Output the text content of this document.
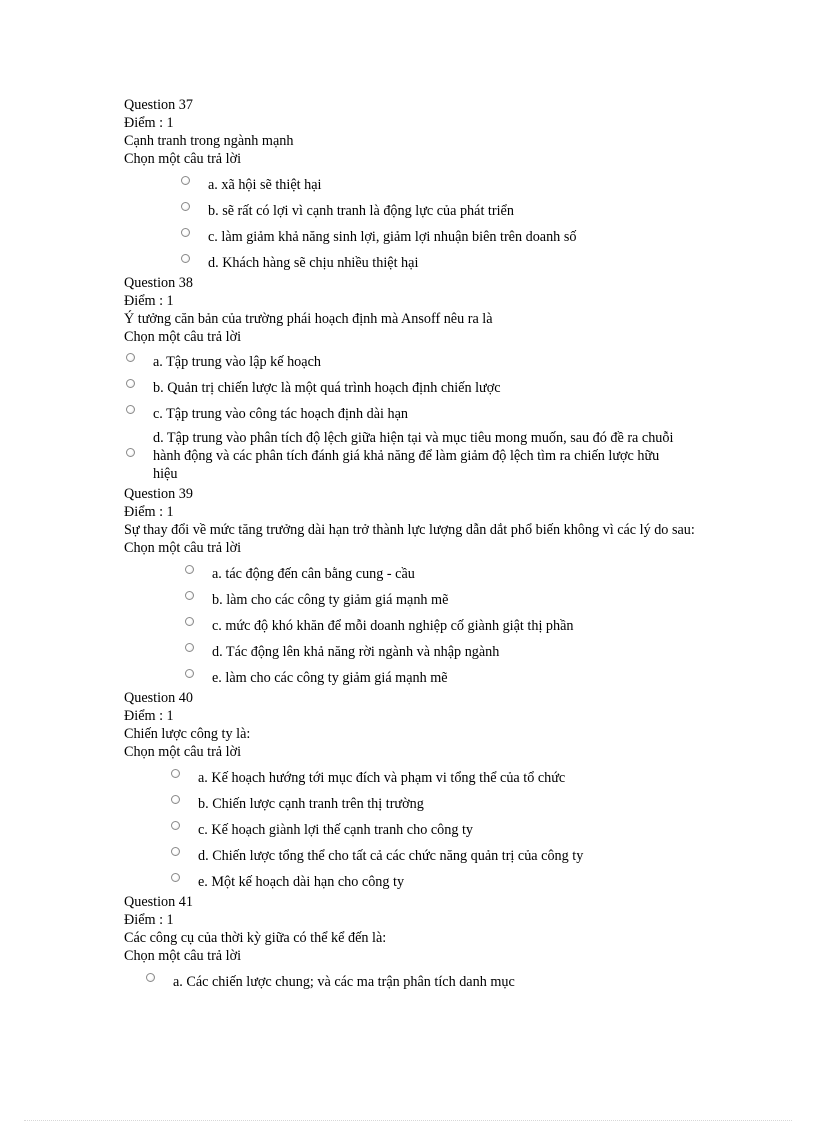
Question 37
Điểm : 1
Cạnh tranh trong ngành mạnh
Chọn một câu trả lời
a. xã hội sẽ thiệt hại
b. sẽ rất có lợi vì cạnh tranh là động lực của phát triển
c. làm giảm khả năng sinh lợi, giảm lợi nhuận biên trên doanh số
d. Khách hàng sẽ chịu nhiều thiệt hại
Question 38
Điểm : 1
Ý tưởng căn bản của trường phái hoạch định mà Ansoff nêu ra là
Chọn một câu trả lời
a. Tập trung vào lập kế hoạch
b. Quản trị chiến lược là một quá trình hoạch định chiến lược
c. Tập trung vào công tác hoạch định dài hạn
d. Tập trung vào phân tích độ lệch giữa hiện tại và mục tiêu mong muốn, sau đó đề ra chuỗi hành động và các phân tích đánh giá khả năng để làm giảm độ lệch tìm ra chiến lược hữu hiệu
Question 39
Điểm : 1
Sự thay đổi về mức tăng trưởng dài hạn trở thành lực lượng dẫn dắt phổ biến không vì các lý do sau:
Chọn một câu trả lời
a. tác động đến cân bằng cung - cầu
b. làm cho các công ty giảm giá mạnh mẽ
c. mức độ khó khăn để mỗi doanh nghiệp cố giành giật thị phần
d. Tác động lên khả năng rời ngành và nhập ngành
e. làm cho các công ty giảm giá mạnh mẽ
Question 40
Điểm : 1
Chiến lược công ty là:
Chọn một câu trả lời
a. Kế hoạch hướng tới mục đích và phạm vi tổng thể của tổ chức
b. Chiến lược cạnh tranh trên thị trường
c. Kế hoạch giành lợi thế cạnh tranh cho công ty
d. Chiến lược tổng thể cho tất cả các chức năng quản trị của công ty
e. Một kế hoạch dài hạn cho công ty
Question 41
Điểm : 1
Các công cụ của thời kỳ giữa có thể kể đến là:
Chọn một câu trả lời
a. Các chiến lược chung; và các ma trận phân tích danh mục
